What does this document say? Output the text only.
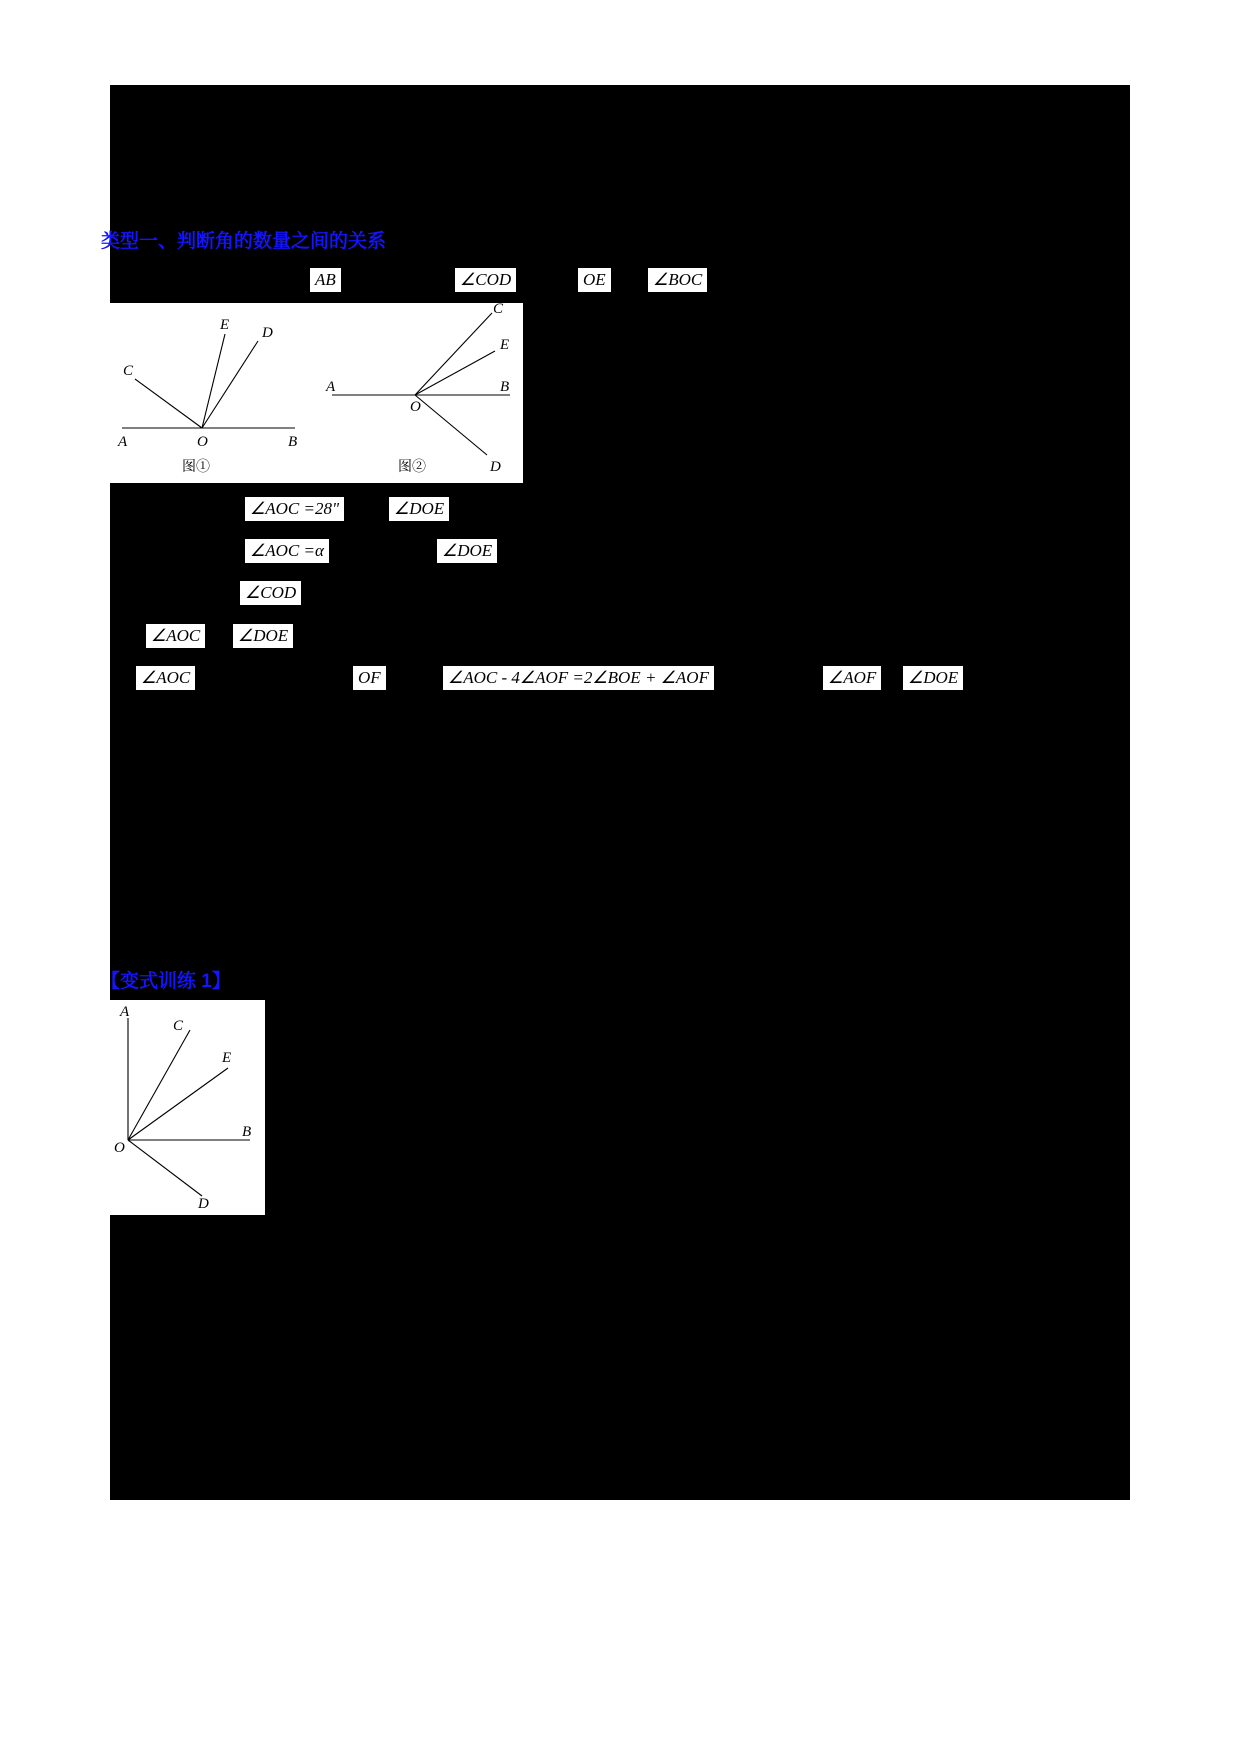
类型一、判断角的数量之间的关系
【变式训练 1】
AB	∠COD	OE	∠BOC
∠AOC =28"	∠DOE
∠AOC =α	∠DOE
∠COD
∠AOC ∠DOE
∠AOC	OF	∠AOC - 4∠AOF =2∠BOE + ∠AOF	∠AOF ∠DOE
A	B
C
D
E
O
图①
A	B
C
D
E
O
图②
A
B
C
D
E
O
